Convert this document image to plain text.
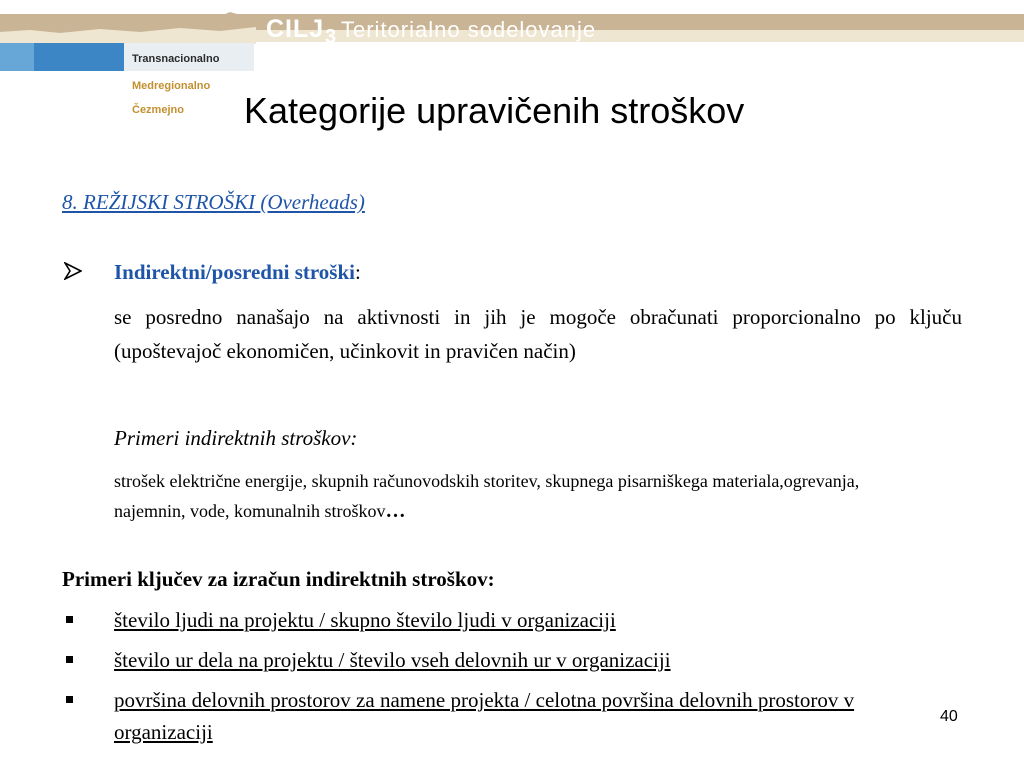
CILJ 3 Teritorialno sodelovanje
Transnacionalno
Medregionalno
Čezmejno Kategorije upravičenih stroškov
8. REŽIJSKI STROŠKI (Overheads)
Indirektni/posredni stroški:
se posredno nanašajo na aktivnosti in jih je mogoče obračunati proporcionalno po ključu (upoštevajoč ekonomičen, učinkovit in pravičen način)
Primeri indirektnih stroškov:
strošek električne energije, skupnih računovodskih storitev, skupnega pisarniškega materiala,ogrevanja, najemnin, vode, komunalnih stroškov…
Primeri ključev za izračun indirektnih stroškov:
število ljudi na projektu / skupno število ljudi v organizaciji
število ur dela na projektu / število vseh delovnih ur v organizaciji
površina delovnih prostorov za namene projekta / celotna površina delovnih prostorov v organizaciji
40
